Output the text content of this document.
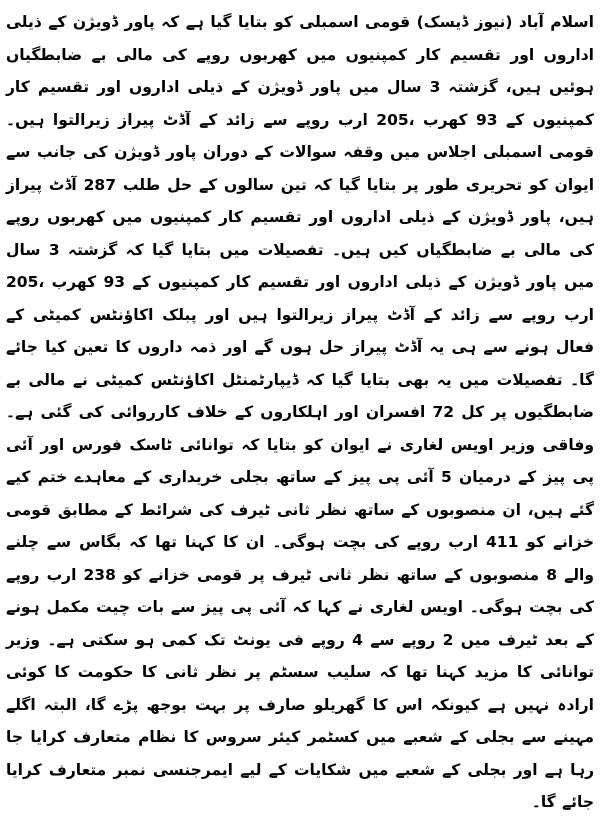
اسلام آباد (نیوز ڈیسک) قومی اسمبلی کو بتایا گیا ہے کہ پاور ڈویژن کے ذیلی اداروں اور تقسیم کار کمپنیوں میں کھربوں روپے کی مالی بے ضابطگیاں ہوئیں ہیں، گزشتہ 3 سال میں پاور ڈویژن کے ذیلی اداروں اور تقسیم کار کمپنیوں کے 93 کھرب ،205 ارب روپے سے زائد کے آڈٹ پیراز زیرالتوا ہیں۔ قومی اسمبلی اجلاس میں وقفہ سوالات کے دوران پاور ڈویژن کی جانب سے ایوان کو تحریری طور پر بتایا گیا کہ تین سالوں کے حل طلب 287 آڈٹ پیراز ہیں، پاور ڈویژن کے ذیلی اداروں اور تقسیم کار کمپنیوں میں کھربوں روپے کی مالی بے ضابطگیاں کیں ہیں۔ تفصیلات میں بتایا گیا کہ گزشتہ 3 سال میں پاور ڈویژن کے ذیلی اداروں اور تقسیم کار کمپنیوں کے 93 کھرب ،205 ارب روپے سے زائد کے آڈٹ پیراز زیرالتوا ہیں اور پبلک اکاؤنٹس کمیٹی کے فعال ہونے سے ہی یہ آڈٹ پیراز حل ہوں گے اور ذمہ داروں کا تعین کیا جائے گا۔ تفصیلات میں یہ بھی بتایا گیا کہ ڈیپارٹمنٹل اکاؤنٹس کمیٹی نے مالی بے ضابطگیوں پر کل 72 افسران اور اہلکاروں کے خلاف کارروائی کی گئی ہے۔ وفاقی وزیر اویس لغاری نے ایوان کو بتایا کہ توانائی ٹاسک فورس اور آئی پی پیز کے درمیان 5 آئی پی پیز کے ساتھ بجلی خریداری کے معاہدے ختم کیے گئے ہیں، ان منصوبوں کے ساتھ نظر ثانی ٹیرف کی شرائط کے مطابق قومی خزانے کو 411 ارب روپے کی بچت ہوگی۔ ان کا کہنا تھا کہ بگاس سے چلنے والے 8 منصوبوں کے ساتھ نظر ثانی ٹیرف پر قومی خزانے کو 238 ارب روپے کی بچت ہوگی۔ اویس لغاری نے کہا کہ آئی پی پیز سے بات چیت مکمل ہونے کے بعد ٹیرف میں 2 روپے سے 4 روپے فی یونٹ تک کمی ہو سکتی ہے۔ وزیر توانائی کا مزید کہنا تھا کہ سلیب سسٹم پر نظر ثانی کا حکومت کا کوئی ارادہ نہیں ہے کیونکہ اس کا گھریلو صارف پر بہت بوجھ پڑے گا، البتہ اگلے مہینے سے بجلی کے شعبے میں کسٹمر کیئر سروس کا نظام متعارف کرایا جا رہا ہے اور بجلی کے شعبے میں شکایات کے لیے ایمرجنسی نمبر متعارف کرایا جائے گا۔
